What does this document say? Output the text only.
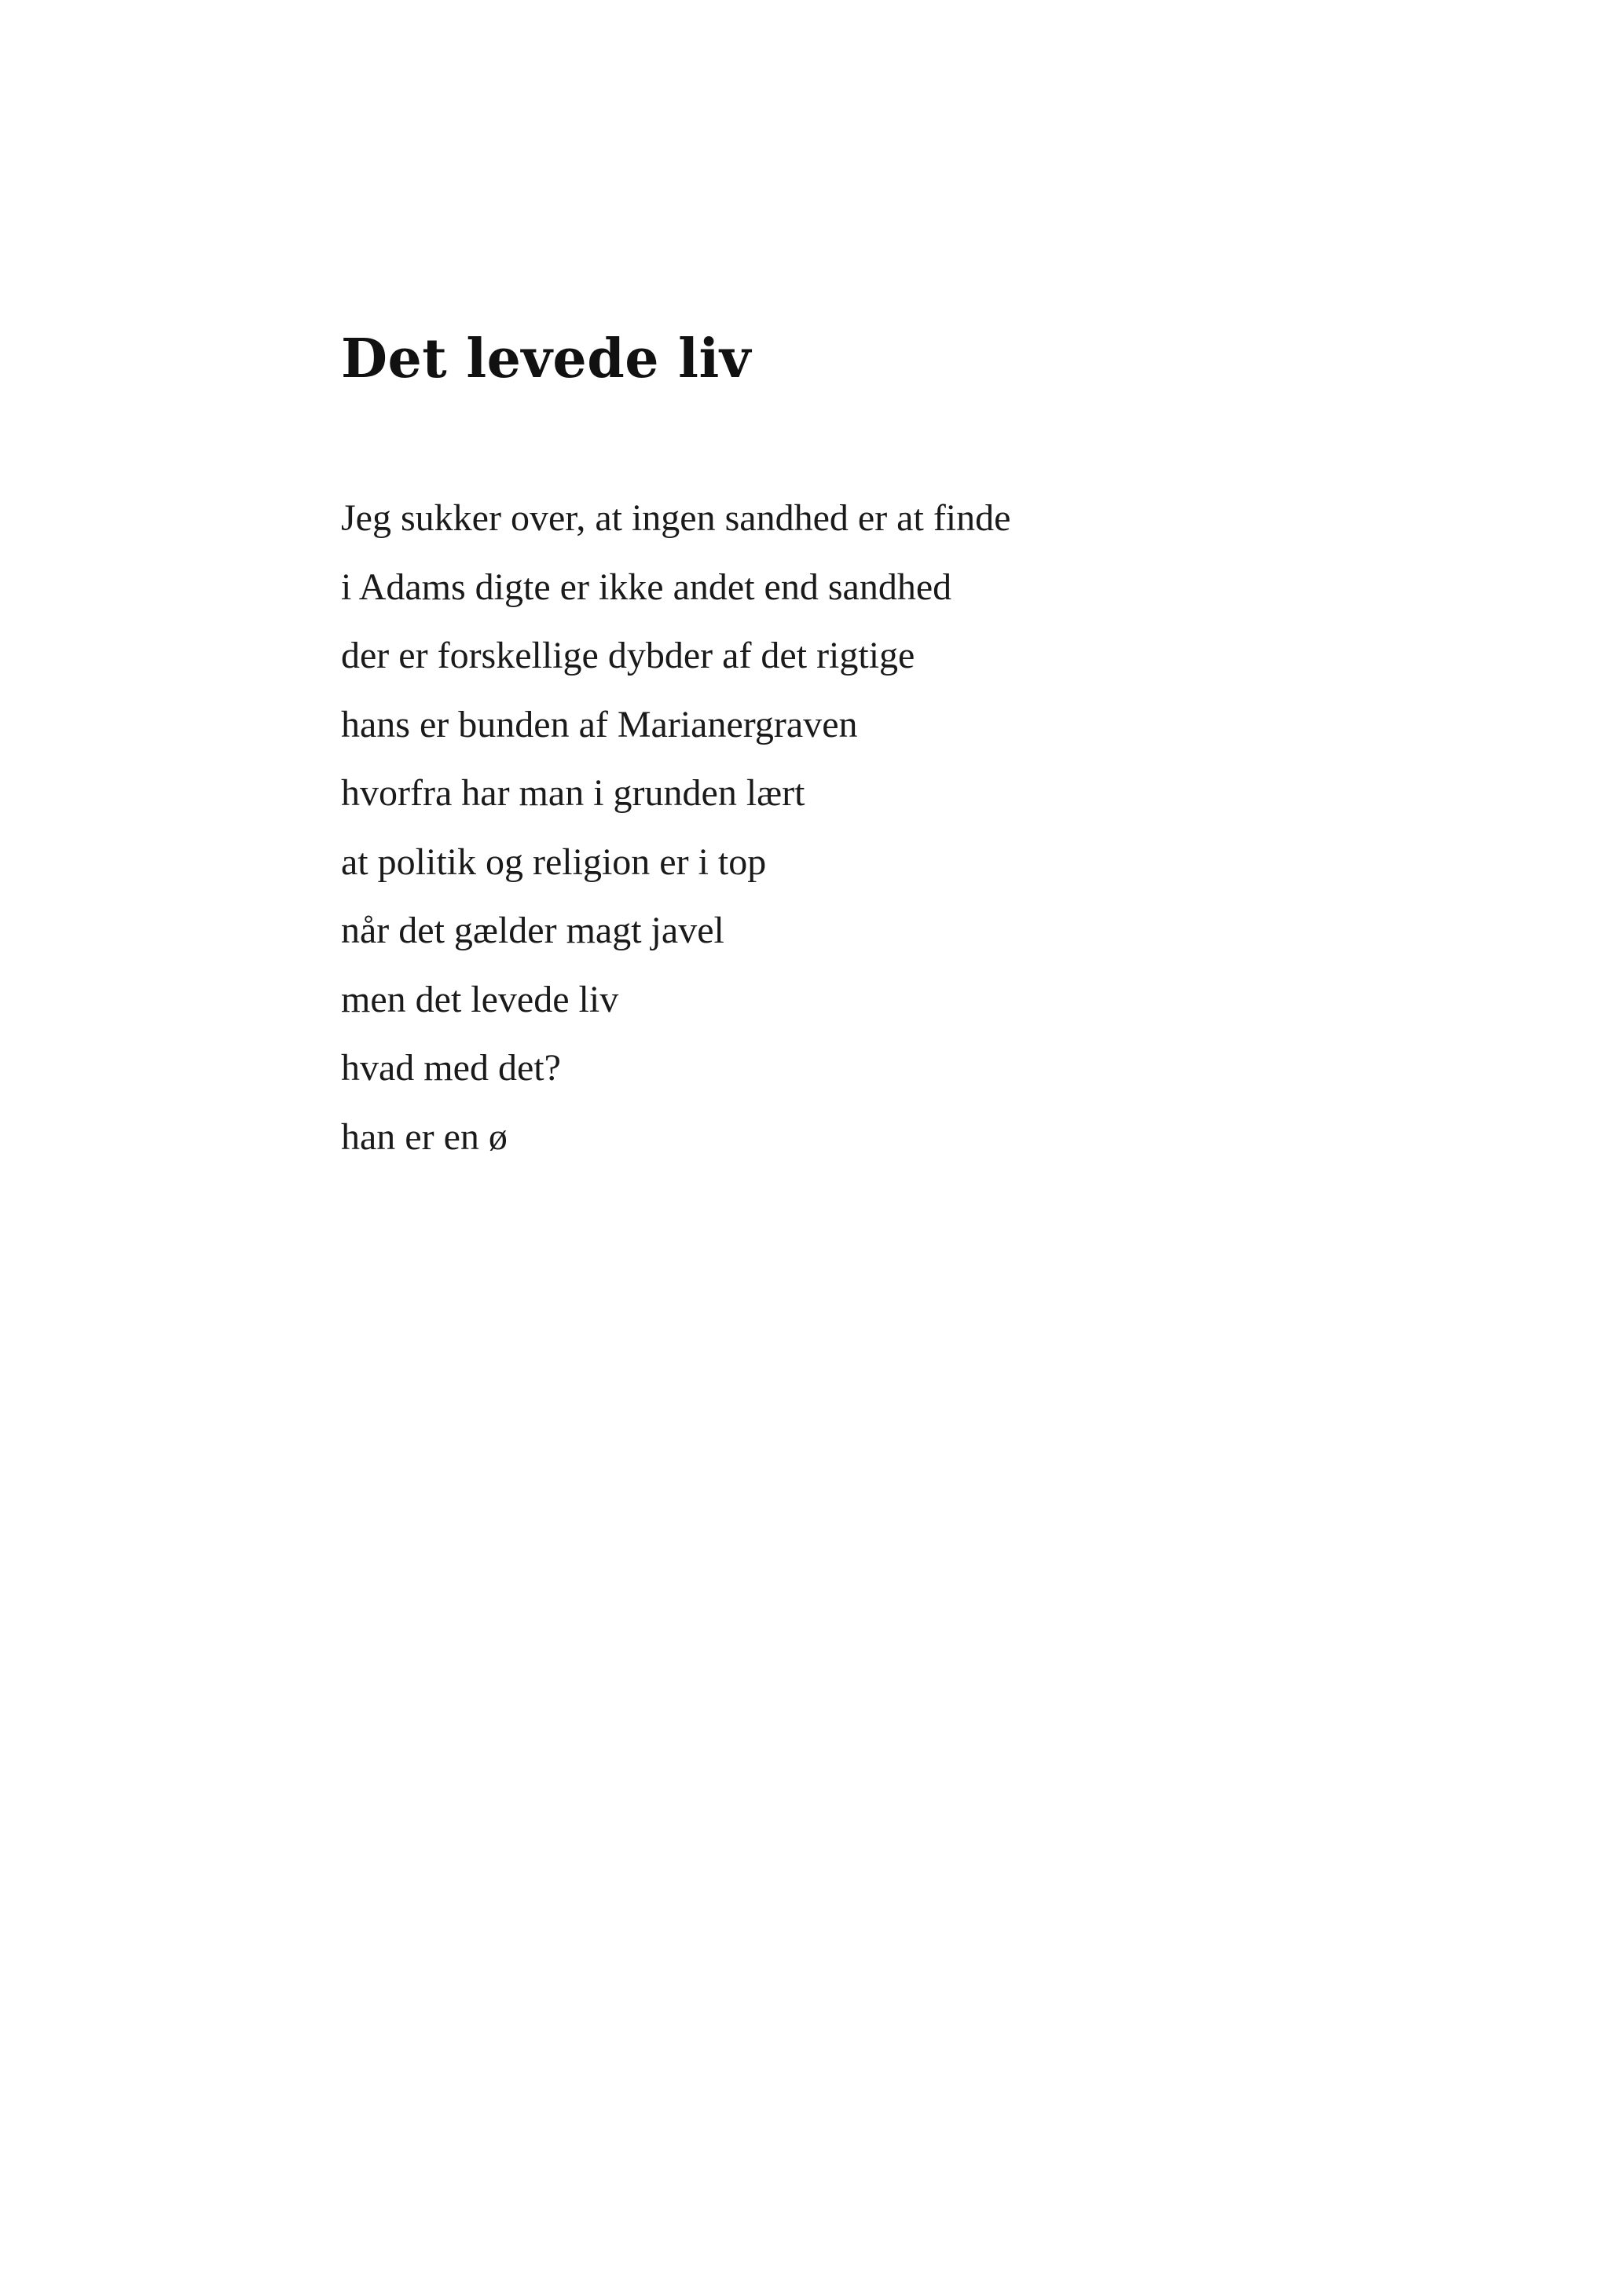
Det levede liv
Jeg sukker over, at ingen sandhed er at finde
i Adams digte er ikke andet end sandhed
der er forskellige dybder af det rigtige
hans er bunden af Marianergraven
hvorfra har man i grunden lært
at politik og religion er i top
når det gælder magt javel
men det levede liv
hvad med det?
han er en ø
